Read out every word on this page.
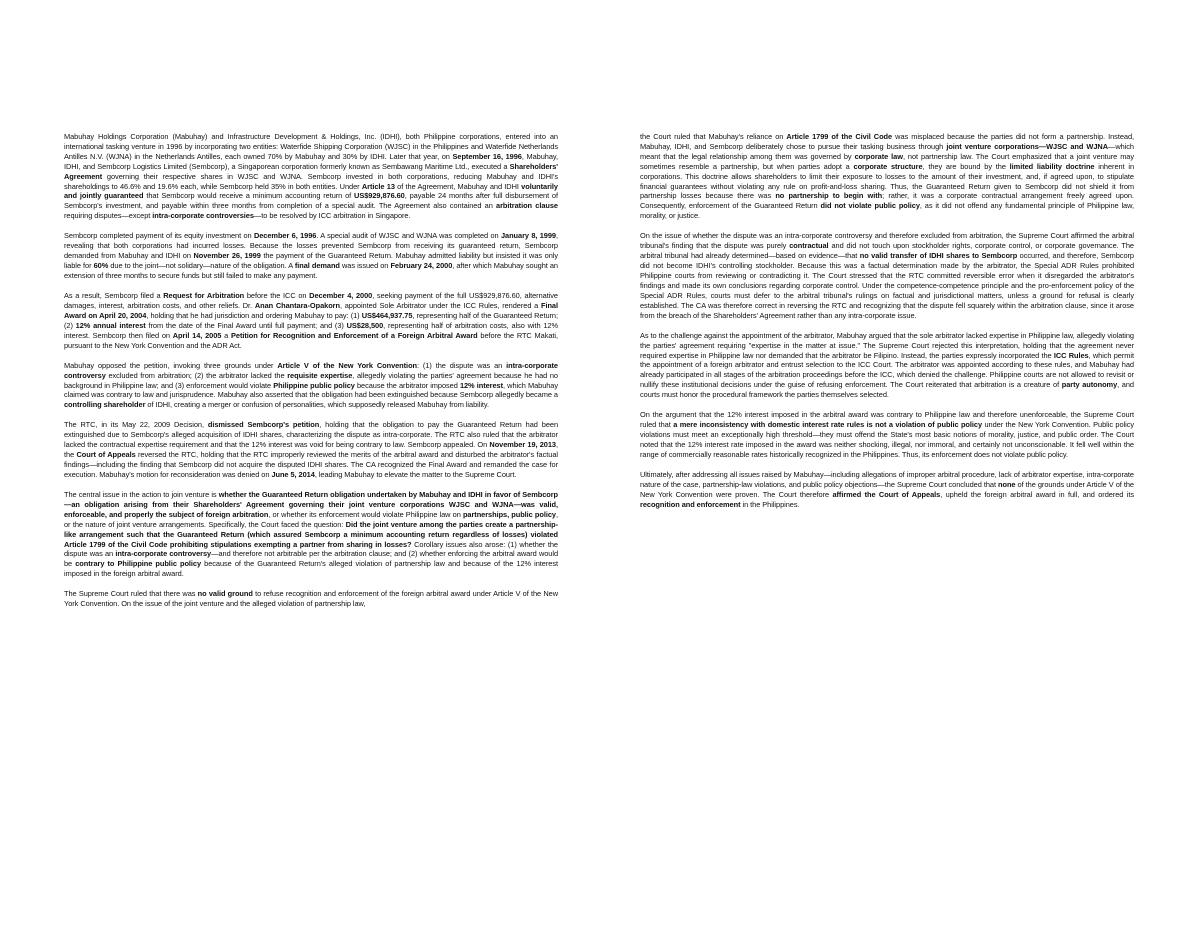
Mabuhay Holdings Corporation (Mabuhay) and Infrastructure Development & Holdings, Inc. (IDHI), both Philippine corporations, entered into an international tasking venture in 1996 by incorporating two entities: Waterfide Shipping Corporation (WJSC) in the Philippines and Waterfide Netherlands Antilles N.V. (WJNA) in the Netherlands Antilles, each owned 70% by Mabuhay and 30% by IDHI. Later that year, on September 16, 1996, Mabuhay, IDHI, and Sembcorp Logistics Limited (Sembcorp), a Singaporean corporation formerly known as Sembawang Maritime Ltd., executed a Shareholders' Agreement governing their respective shares in WJSC and WJNA. Sembcorp invested in both corporations, reducing Mabuhay and IDHI's shareholdings to 46.6% and 19.6% each, while Sembcorp held 35% in both entities. Under Article 13 of the Agreement, Mabuhay and IDHI voluntarily and jointly guaranteed that Sembcorp would receive a minimum accounting return of US$929,876.60, payable 24 months after full disbursement of Sembcorp's investment, and payable within three months from completion of a special audit. The Agreement also contained an arbitration clause requiring disputes—except intra-corporate controversies—to be resolved by ICC arbitration in Singapore.

Sembcorp completed payment of its equity investment on December 6, 1996. A special audit of WJSC and WJNA was completed on January 8, 1999, revealing that both corporations had incurred losses. Because the losses prevented Sembcorp from receiving its guaranteed return, Sembcorp demanded from Mabuhay and IDHI on November 26, 1999 the payment of the Guaranteed Return. Mabuhay admitted liability but insisted it was only liable for 60% due to the joint—not solidary—nature of the obligation. A final demand was issued on February 24, 2000, after which Mabuhay sought an extension of three months to secure funds but still failed to make any payment.

As a result, Sembcorp filed a Request for Arbitration before the ICC on December 4, 2000, seeking payment of the full US$929,876.60, alternative damages, interest, arbitration costs, and other reliefs. Dr. Anan Chantara-Opakorn, appointed Sole Arbitrator under the ICC Rules, rendered a Final Award on April 20, 2004, holding that he had jurisdiction and ordering Mabuhay to pay: (1) US$464,937.75, representing half of the Guaranteed Return; (2) 12% annual interest from the date of the Final Award until full payment; and (3) US$28,500, representing half of arbitration costs, also with 12% interest. Sembcorp then filed on April 14, 2005 a Petition for Recognition and Enforcement of a Foreign Arbitral Award before the RTC Makati, pursuant to the New York Convention and the ADR Act.

Mabuhay opposed the petition, invoking three grounds under Article V of the New York Convention: (1) the dispute was an intra-corporate controversy excluded from arbitration; (2) the arbitrator lacked the requisite expertise, allegedly violating the parties' agreement because he had no background in Philippine law; and (3) enforcement would violate Philippine public policy because the arbitrator imposed 12% interest, which Mabuhay claimed was contrary to law and jurisprudence. Mabuhay also asserted that the obligation had been extinguished because Sembcorp allegedly became a controlling shareholder of IDHI, creating a merger or confusion of personalities, which supposedly released Mabuhay from liability.

The RTC, in its May 22, 2009 Decision, dismissed Sembcorp's petition, holding that the obligation to pay the Guaranteed Return had been extinguished due to Sembcorp's alleged acquisition of IDHI shares, characterizing the dispute as intra-corporate. The RTC also ruled that the arbitrator lacked the contractual expertise requirement and that the 12% interest was void for being contrary to law. Sembcorp appealed. On November 19, 2013, the Court of Appeals reversed the RTC, holding that the RTC improperly reviewed the merits of the arbitral award and disturbed the arbitrator's factual findings—including the finding that Sembcorp did not acquire the disputed IDHI shares. The CA recognized the Final Award and remanded the case for execution. Mabuhay's motion for reconsideration was denied on June 5, 2014, leading Mabuhay to elevate the matter to the Supreme Court.

The central issue in the action to join venture is whether the Guaranteed Return obligation undertaken by Mabuhay and IDHI in favor of Sembcorp—an obligation arising from their Shareholders' Agreement governing their joint venture corporations WJSC and WJNA—was valid, enforceable, and properly the subject of foreign arbitration, or whether its enforcement would violate Philippine law on partnerships, public policy, or the nature of joint venture arrangements. Specifically, the Court faced the question: Did the joint venture among the parties create a partnership-like arrangement such that the Guaranteed Return (which assured Sembcorp a minimum accounting return regardless of losses) violated Article 1799 of the Civil Code prohibiting stipulations exempting a partner from sharing in losses? Corollary issues also arose: (1) whether the dispute was an intra-corporate controversy—and therefore not arbitrable per the arbitration clause; and (2) whether enforcing the arbitral award would be contrary to Philippine public policy because of the Guaranteed Return's alleged violation of partnership law and because of the 12% interest imposed in the foreign arbitral award.

The Supreme Court ruled that there was no valid ground to refuse recognition and enforcement of the foreign arbitral award under Article V of the New York Convention. On the issue of the joint venture and the alleged violation of partnership law,

the Court ruled that Mabuhay's reliance on Article 1799 of the Civil Code was misplaced because the parties did not form a partnership. Instead, Mabuhay, IDHI, and Sembcorp deliberately chose to pursue their tasking business through joint venture corporations—WJSC and WJNA—which meant that the legal relationship among them was governed by corporate law, not partnership law. The Court emphasized that a joint venture may sometimes resemble a partnership, but when parties adopt a corporate structure, they are bound by the limited liability doctrine inherent in corporations. This doctrine allows shareholders to limit their exposure to losses to the amount of their investment, and, if agreed upon, to stipulate financial guarantees without violating any rule on profit-and-loss sharing. Thus, the Guaranteed Return given to Sembcorp did not shield it from partnership losses because there was no partnership to begin with; rather, it was a corporate contractual arrangement freely agreed upon. Consequently, enforcement of the Guaranteed Return did not violate public policy, as it did not offend any fundamental principle of Philippine law, morality, or justice.

On the issue of whether the dispute was an intra-corporate controversy and therefore excluded from arbitration, the Supreme Court affirmed the arbitral tribunal's finding that the dispute was purely contractual and did not touch upon stockholder rights, corporate control, or corporate governance. The arbitral tribunal had already determined—based on evidence—that no valid transfer of IDHI shares to Sembcorp occurred, and therefore, Sembcorp did not become IDHI's controlling stockholder. Because this was a factual determination made by the arbitrator, the Special ADR Rules prohibited Philippine courts from reviewing or contradicting it. The Court stressed that the RTC committed reversible error when it disregarded the arbitrator's findings and made its own conclusions regarding corporate control. Under the competence-competence principle and the pro-enforcement policy of the Special ADR Rules, courts must defer to the arbitral tribunal's rulings on factual and jurisdictional matters, unless a ground for refusal is clearly established. The CA was therefore correct in reversing the RTC and recognizing that the dispute fell squarely within the arbitration clause, since it arose from the breach of the Shareholders' Agreement rather than any intra-corporate issue.

As to the challenge against the appointment of the arbitrator, Mabuhay argued that the sole arbitrator lacked expertise in Philippine law, allegedly violating the parties' agreement requiring "expertise in the matter at issue." The Supreme Court rejected this interpretation, holding that the agreement never required expertise in Philippine law nor demanded that the arbitrator be Filipino. Instead, the parties expressly incorporated the ICC Rules, which permit the appointment of a foreign arbitrator and entrust selection to the ICC Court. The arbitrator was appointed according to these rules, and Mabuhay had already participated in all stages of the arbitration proceedings before the ICC, which denied the challenge. Philippine courts are not allowed to revisit or nullify these institutional decisions under the guise of refusing enforcement. The Court reiterated that arbitration is a creature of party autonomy, and courts must honor the procedural framework the parties themselves selected.

On the argument that the 12% interest imposed in the arbitral award was contrary to Philippine law and therefore unenforceable, the Supreme Court ruled that a mere inconsistency with domestic interest rate rules is not a violation of public policy under the New York Convention. Public policy violations must meet an exceptionally high threshold—they must offend the State's most basic notions of morality, justice, and public order. The Court noted that the 12% interest rate imposed in the award was neither shocking, illegal, nor immoral, and certainly not unconscionable. It fell well within the range of commercially reasonable rates historically recognized in the Philippines. Thus, its enforcement does not violate public policy.

Ultimately, after addressing all issues raised by Mabuhay—including allegations of improper arbitral procedure, lack of arbitrator expertise, intra-corporate nature of the case, partnership-law violations, and public policy objections—the Supreme Court concluded that none of the grounds under Article V of the New York Convention were proven. The Court therefore affirmed the Court of Appeals, upheld the foreign arbitral award in full, and ordered its recognition and enforcement in the Philippines.
